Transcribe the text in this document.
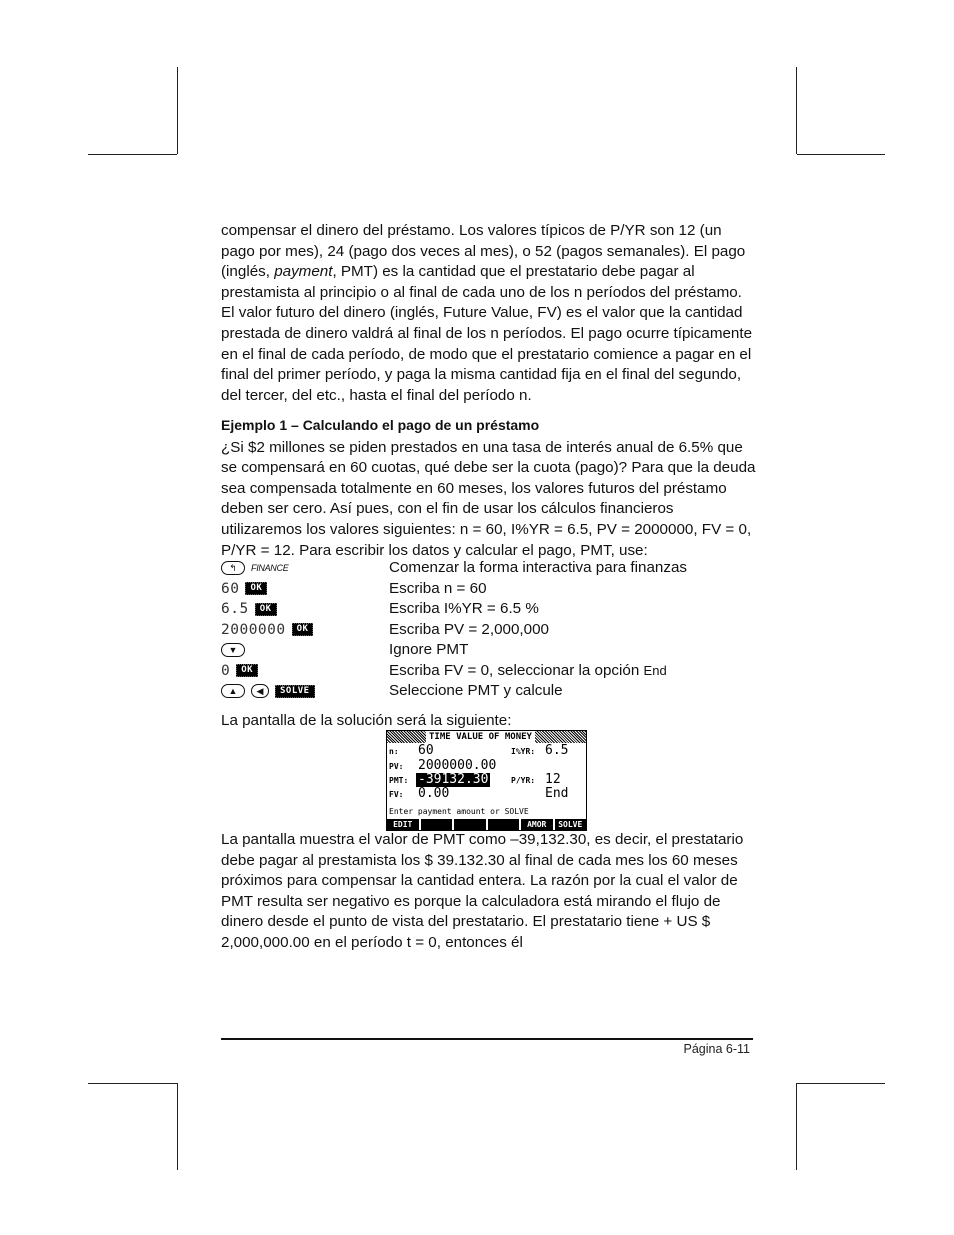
compensar el dinero del préstamo. Los valores típicos de P/YR son 12 (un pago por mes), 24 (pago dos veces al mes), o 52 (pagos semanales). El pago (inglés, payment, PMT) es la cantidad que el prestatario debe pagar al prestamista al principio o al final de cada uno de los n períodos del préstamo. El valor futuro del dinero (inglés, Future Value, FV) es el valor que la cantidad prestada de dinero valdrá al final de los n períodos. El pago ocurre típicamente en el final de cada período, de modo que el prestatario comience a pagar en el final del primer período, y paga la misma cantidad fija en el final del segundo, del tercer, del etc., hasta el final del período n.

Ejemplo 1 – Calculando el pago de un préstamo

¿Si $2 millones se piden prestados en una tasa de interés anual de 6.5% que se compensará en 60 cuotas, qué debe ser la cuota (pago)? Para que la deuda sea compensada totalmente en 60 meses, los valores futuros del préstamo deben ser cero. Así pues, con el fin de usar los cálculos financieros utilizaremos los valores siguientes: n = 60, I%YR = 6.5, PV = 2000000, FV = 0, P/YR = 12. Para escribir los datos y calcular el pago, PMT, use:

↰	FINANCE	Comenzar la forma interactiva para finanzas
60	OK	Escriba n = 60
6.5	OK	Escriba I%YR = 6.5 %
2000000	OK	Escriba PV = 2,000,000
▼	Ignore PMT
0	OK	Escriba FV = 0, seleccionar la opción End
▲	◀	SOLVE	Seleccione PMT y calcule
La pantalla de la solución será la siguiente:
TIME VALUE OF MONEY
n: 60	I%YR: 6.5
PV: 2000000.00
PMT: -39132.30	P/YR: 12
FV: 0.00	End
Enter payment amount or SOLVE
EDIT	AMOR	SOLVE
La pantalla muestra el valor de PMT como –39,132.30, es decir, el prestatario debe pagar al prestamista los $ 39.132.30 al final de cada mes los 60 meses próximos para compensar la cantidad entera. La razón por la cual el valor de PMT resulta ser negativo es porque la calculadora está mirando el flujo de dinero desde el punto de vista del prestatario. El prestatario tiene + US $ 2,000,000.00 en el período t = 0, entonces él
Página 6-11
